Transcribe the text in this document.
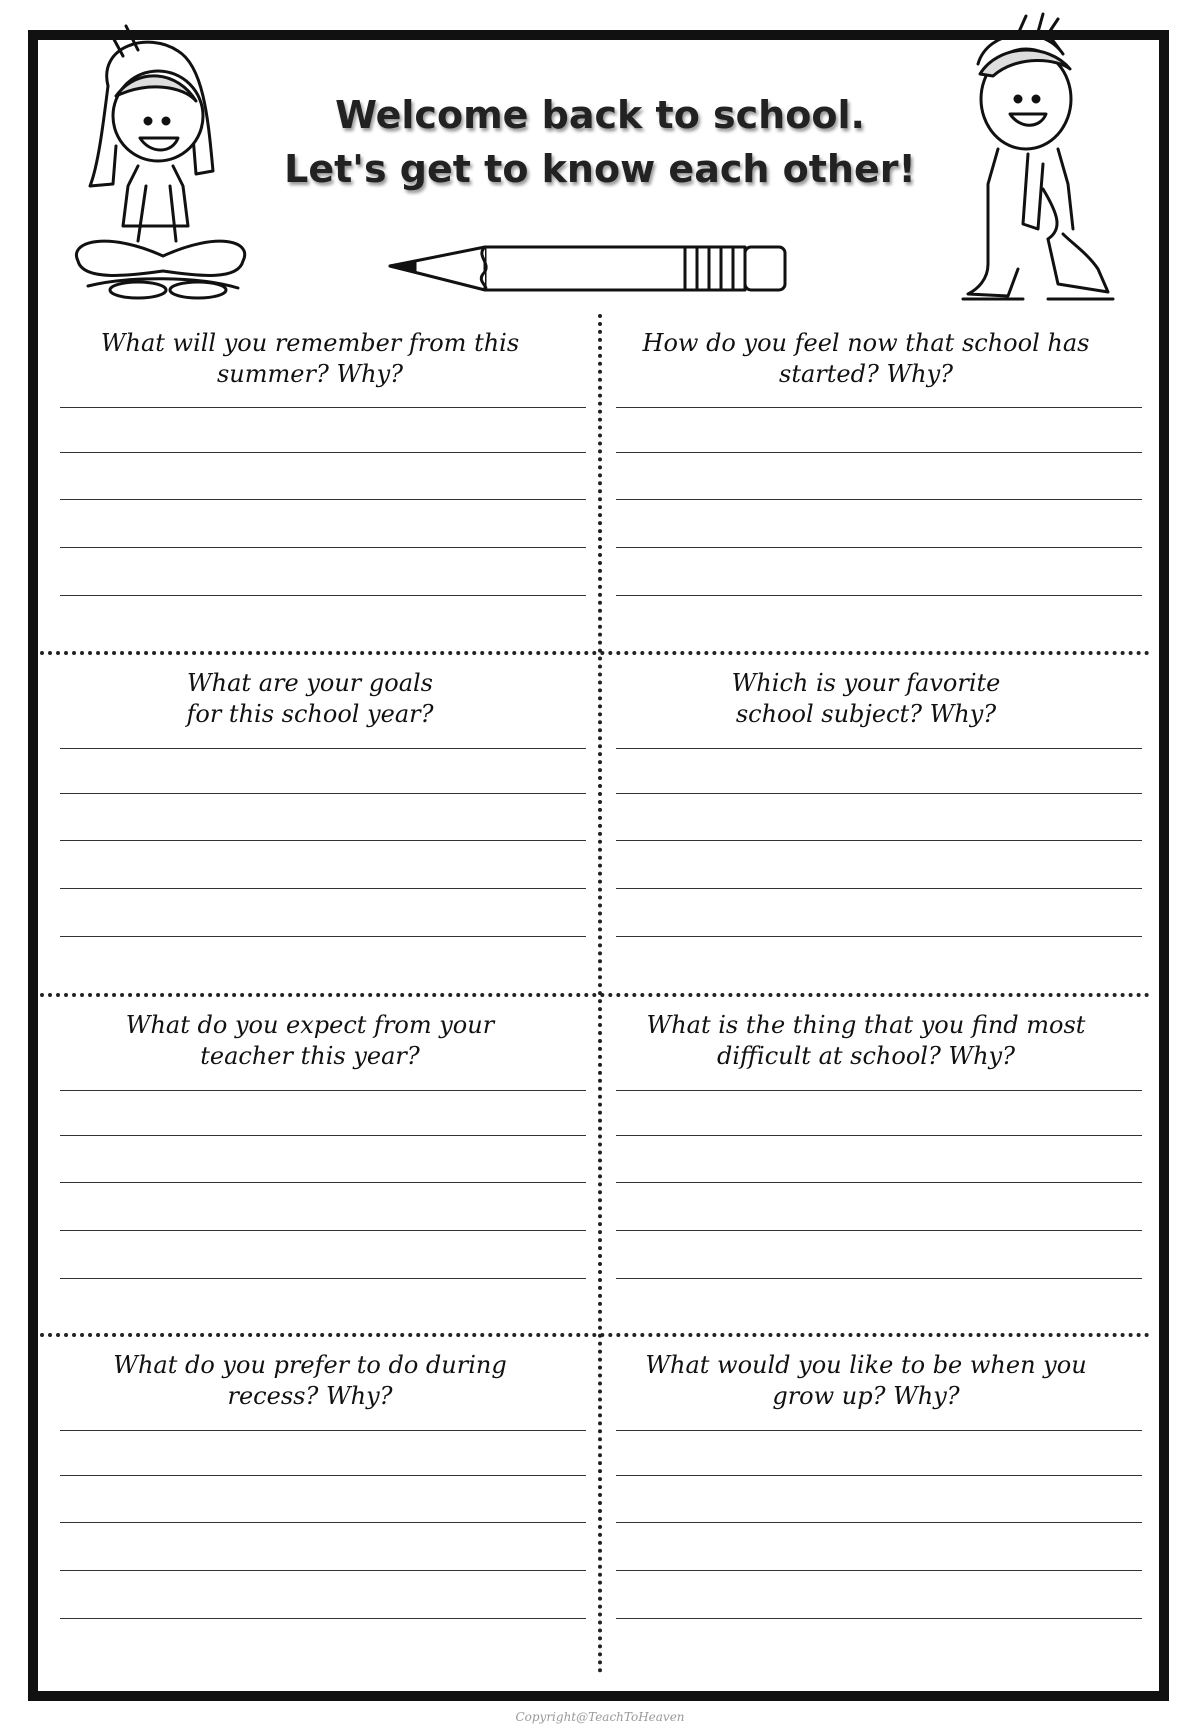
Welcome back to school.
Let's get to know each other!
What will you remember from this
summer? Why?
How do you feel now that school has
started? Why?
What are your goals
for this school year?
Which is your favorite
school subject? Why?
What do you expect from your
teacher this year?
What is the thing that you find most
difficult at school? Why?
What do you prefer to do during
recess? Why?
What would you like to be when you
grow up? Why?
Copyright@TeachToHeaven
